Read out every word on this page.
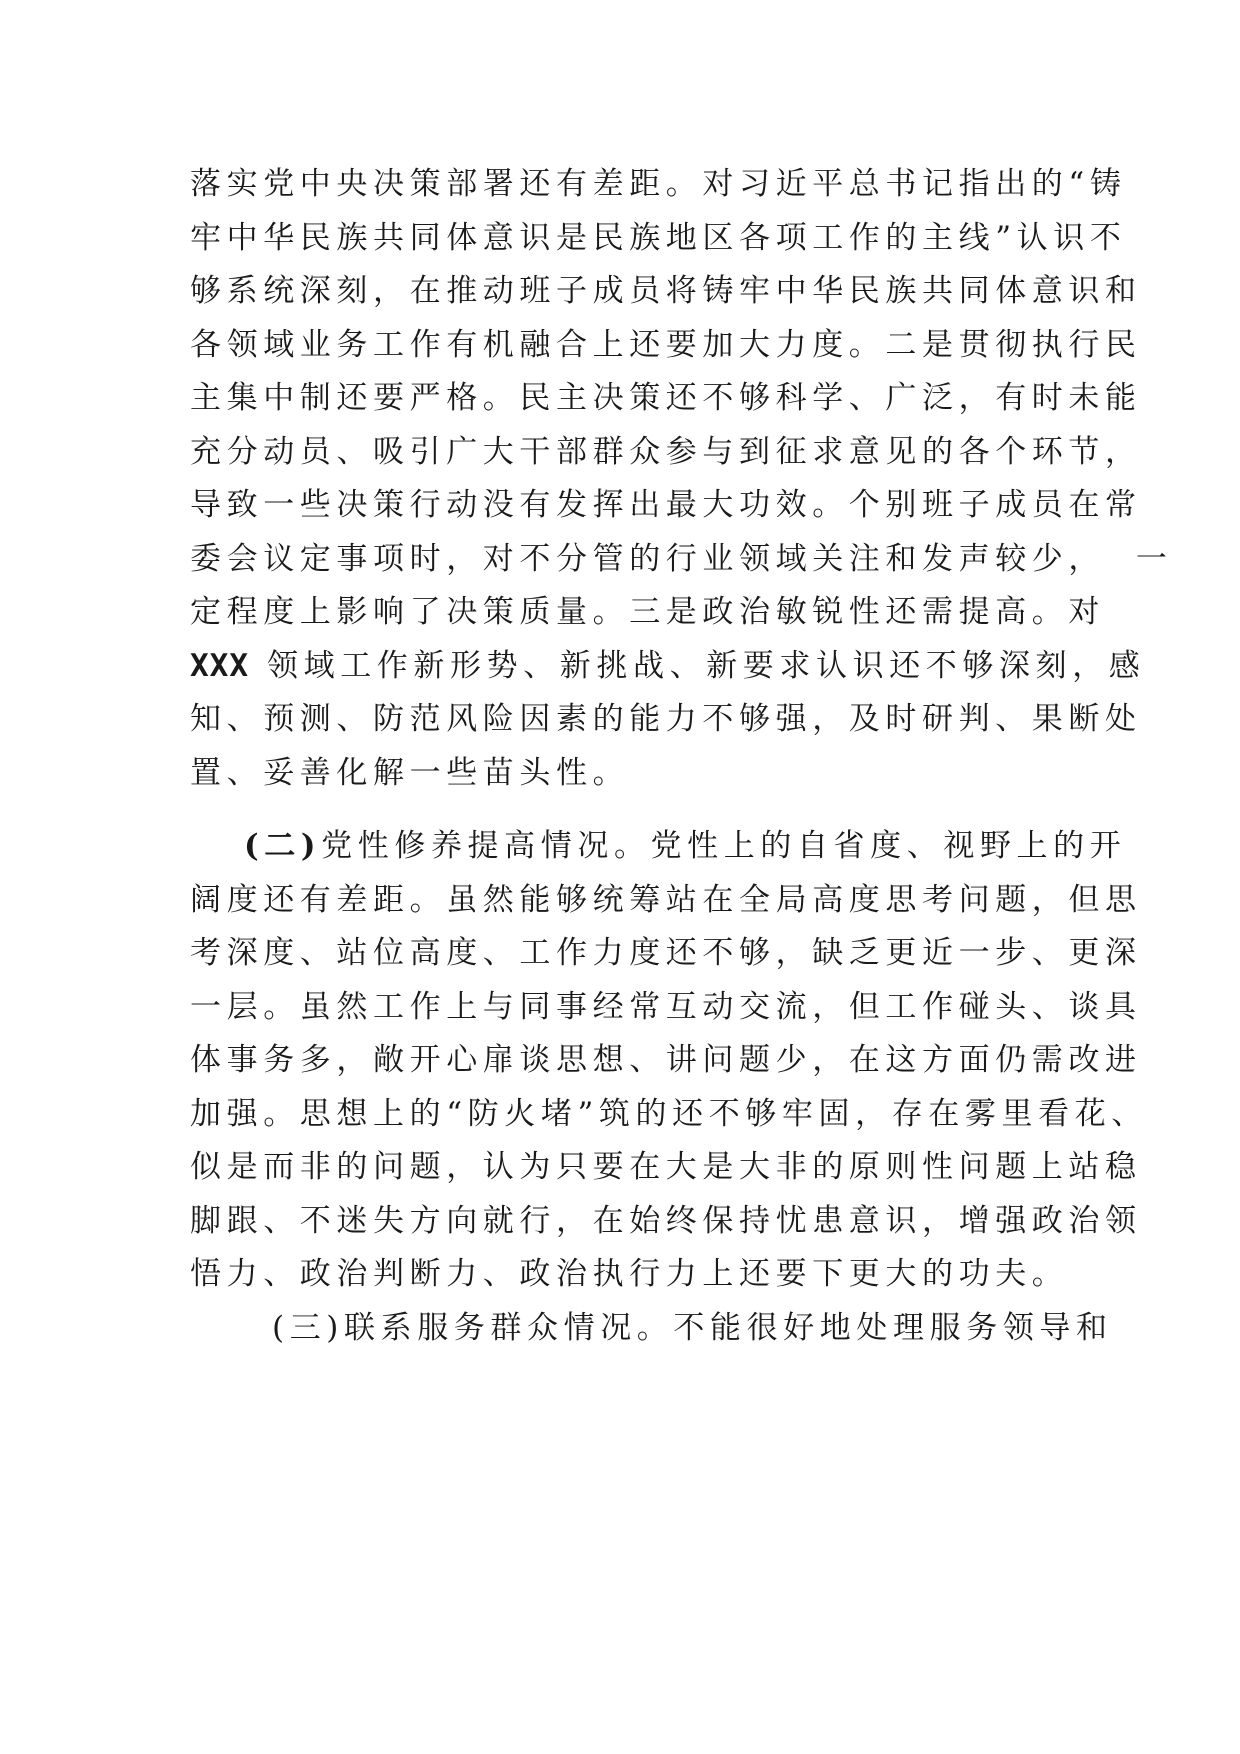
落实党中央决策部署还有差距。对习近平总书记指出的“铸
牢中华民族共同体意识是民族地区各项工作的主线”认识不
够系统深刻，在推动班子成员将铸牢中华民族共同体意识和
各领域业务工作有机融合上还要加大力度。二是贯彻执行民
主集中制还要严格。民主决策还不够科学、广泛，有时未能
充分动员、吸引广大干部群众参与到征求意见的各个环节，
导致一些决策行动没有发挥出最大功效。个别班子成员在常
委会议定事项时，对不分管的行业领域关注和发声较少，  一
定程度上影响了决策质量。三是政治敏锐性还需提高。对
XXX 领域工作新形势、新挑战、新要求认识还不够深刻，感
知、预测、防范风险因素的能力不够强，及时研判、果断处
置、妥善化解一些苗头性。
(二)党性修养提高情况。党性上的自省度、视野上的开
阔度还有差距。虽然能够统筹站在全局高度思考问题，但思
考深度、站位高度、工作力度还不够，缺乏更近一步、更深
一层。虽然工作上与同事经常互动交流，但工作碰头、谈具
体事务多，敞开心扉谈思想、讲问题少，在这方面仍需改进
加强。思想上的“防火堵”筑的还不够牢固，存在雾里看花、
似是而非的问题，认为只要在大是大非的原则性问题上站稳
脚跟、不迷失方向就行，在始终保持忧患意识，增强政治领
悟力、政治判断力、政治执行力上还要下更大的功夫。
(三)联系服务群众情况。不能很好地处理服务领导和
